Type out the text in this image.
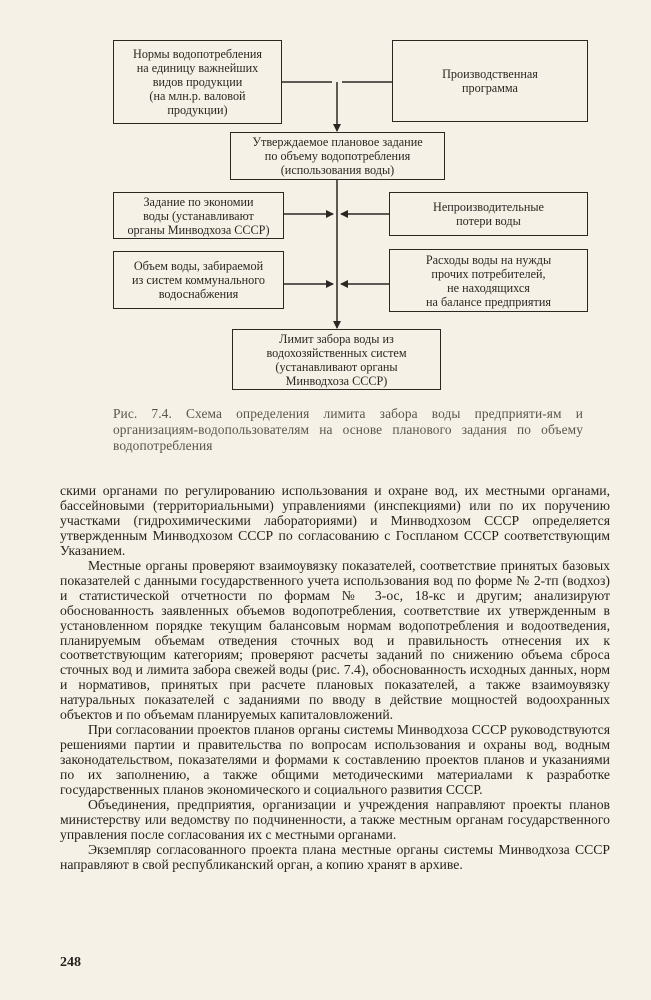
Нормы водопотребления
на единицу важнейших
видов продукции
(на млн.р. валовой
продукции)
Производственная
программа
Утверждаемое плановое задание
по объему водопотребления
(использования воды)
Задание по экономии
воды (устанавливают
органы Минводхоза СССР)
Непроизводительные
потери воды
Объем воды, забираемой
из систем коммунального
водоснабжения
Расходы воды на нужды
прочих потребителей,
не находящихся
на балансе предприятия
Лимит забора воды из
водохозяйственных систем
(устанавливают органы
Минводхоза СССР)
Рис. 7.4. Схема определения лимита забора воды предприяти-ям и организациям-водопользователям на основе планового задания по объему водопотребления

скими органами по регулированию использования и охране вод, их местными органами, бассейновыми (территориальными) управлениями (инспекциями) или по их поручению участками (гидрохимическими лабораториями) и Минводхозом СССР определяется утвержденным Минводхозом СССР по согласованию с Госпланом СССР соответствующим Указанием.

Местные органы проверяют взаимоувязку показателей, соответствие принятых базовых показателей с данными государственного учета использования вод по форме № 2-тп (водхоз) и статистической отчетности по формам № 3-ос, 18-кс и другим; анализируют обоснованность заявленных объемов водопотребления, соответствие их утвержденным в установленном порядке текущим балансовым нормам водопотребления и водоотведения, планируемым объемам отведения сточных вод и правильность отнесения их к соответствующим категориям; проверяют расчеты заданий по снижению объема сброса сточных вод и лимита забора свежей воды (рис. 7.4), обоснованность исходных данных, норм и нормативов, принятых при расчете плановых показателей, а также взаимоувязку натуральных показателей с заданиями по вводу в действие мощностей водоохранных объектов и по объемам планируемых капиталовложений.

При согласовании проектов планов органы системы Минводхоза СССР руководствуются решениями партии и правительства по вопросам использования и охраны вод, водным законодательством, показателями и формами к составлению проектов планов и указаниями по их заполнению, а также общими методическими материалами к разработке государственных планов экономического и социального развития СССР.

Объединения, предприятия, организации и учреждения направляют проекты планов министерству или ведомству по подчиненности, а также местным органам государственного управления после согласования их с местными органами.

Экземпляр согласованного проекта плана местные органы системы Минводхоза СССР направляют в свой республиканский орган, а копию хранят в архиве.

248
